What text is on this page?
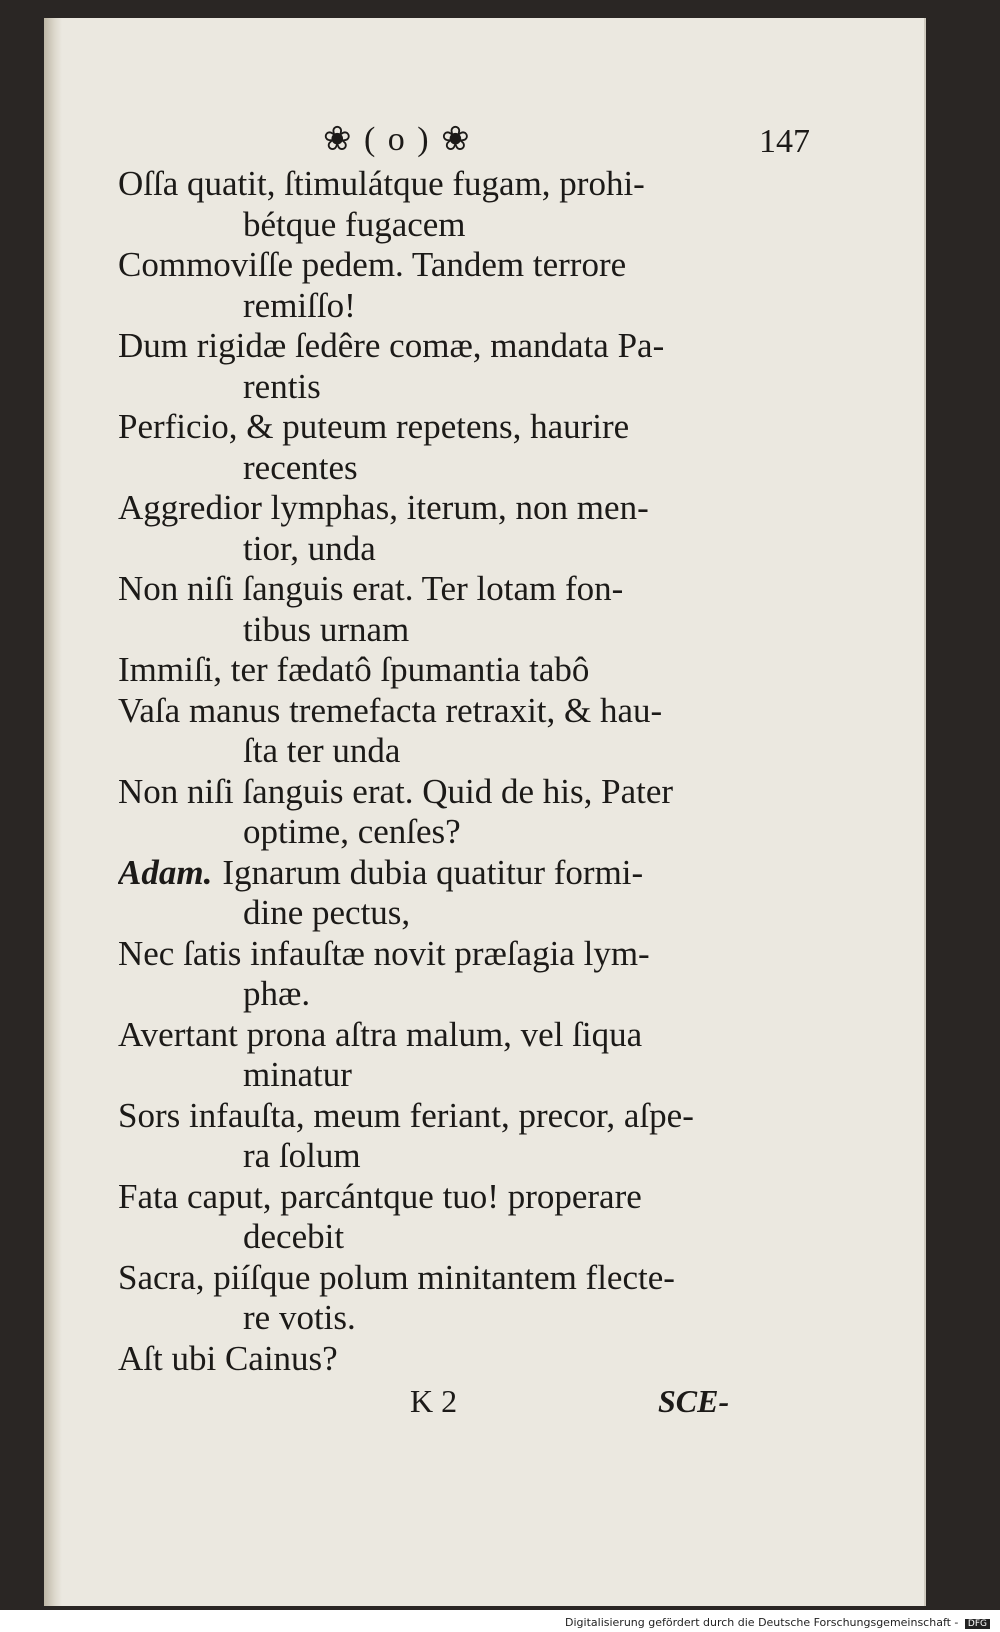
❀ ( o ) ❀	147
Oſſa quatit, ſtimulátque fugam, prohi-
bétque fugacem
Commoviſſe pedem. Tandem terrore
remiſſo!
Dum rigidæ ſedêre comæ, mandata Pa-
rentis
Perficio, & puteum repetens, haurire
recentes
Aggredior lymphas, iterum, non men-
tior, unda
Non niſi ſanguis erat. Ter lotam fon-
tibus urnam
Immiſi, ter fædatô ſpumantia tabô
Vaſa manus tremefacta retraxit, & hau-
ſta ter unda
Non niſi ſanguis erat. Quid de his, Pater
optime, cenſes?
Adam. Ignarum dubia quatitur formi-
dine pectus,
Nec ſatis infauſtæ novit præſagia lym-
phæ.
Avertant prona aſtra malum, vel ſiqua
minatur
Sors infauſta, meum feriant, precor, aſpe-
ra ſolum
Fata caput, parcántque tuo! properare
decebit
Sacra, piíſque polum minitantem flecte-
re votis.
Aſt ubi Cainus?
K 2	SCE-
Digitalisierung gefördert durch die Deutsche Forschungsgemeinschaft - DFG
